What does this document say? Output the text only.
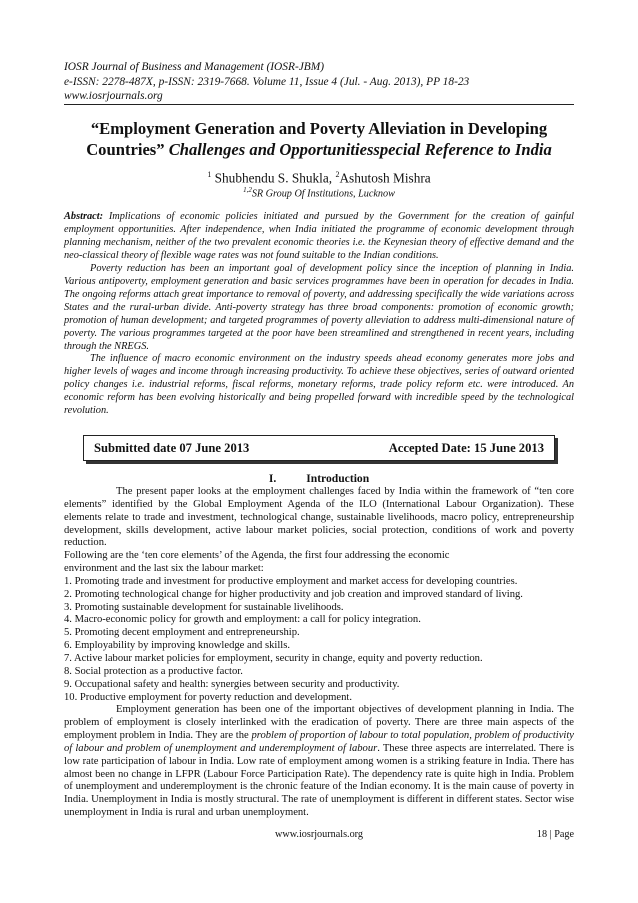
IOSR Journal of Business and Management (IOSR-JBM)
e-ISSN: 2278-487X, p-ISSN: 2319-7668. Volume 11, Issue 4 (Jul. - Aug. 2013), PP 18-23
www.iosrjournals.org
“Employment Generation and Poverty Alleviation in Developing Countries” Challenges and Opportunitiesspecial Reference to India
$^1$ Shubhendu S. Shukla, $^2$Ashutosh Mishra
$^{1,2}$SR Group Of Institutions, Lucknow

Abstract: Implications of economic policies initiated and pursued by the Government for the creation of gainful employment opportunities. After independence, when India initiated the programme of economic development through planning mechanism, neither of the two prevalent economic theories i.e. the Keynesian theory of effective demand and the neo-classical theory of flexible wage rates was not found suitable to the Indian conditions.

Poverty reduction has been an important goal of development policy since the inception of planning in India. Various antipoverty, employment generation and basic services programmes have been in operation for decades in India. The ongoing reforms attach great importance to removal of poverty, and addressing specifically the wide variations across States and the rural-urban divide. Anti-poverty strategy has three broad components: promotion of economic growth; promotion of human development; and targeted programmes of poverty alleviation to address multi-dimensional nature of poverty. The various programmes targeted at the poor have been streamlined and strengthened in recent years, including through the NREGS.

The influence of macro economic environment on the industry speeds ahead economy generates more jobs and higher levels of wages and income through increasing productivity. To achieve these objectives, series of outward oriented policy changes i.e. industrial reforms, fiscal reforms, monetary reforms, trade policy reform etc. were introduced. An economic reform has been evolving historically and being propelled forward with incredible speed by the technological revolution.

Submitted date 07 June 2013	Accepted Date: 15 June 2013
I.	Introduction

The present paper looks at the employment challenges faced by India within the framework of “ten core elements” identified by the Global Employment Agenda of the ILO (International Labour Organization). These elements relate to trade and investment, technological change, sustainable livelihoods, macro policy, entrepreneurship development, skills development, active labour market policies, social protection, conditions of work and poverty reduction.

Following are the ‘ten core elements’ of the Agenda, the first four addressing the economic

environment and the last six the labour market:

1. Promoting trade and investment for productive employment and market access for developing countries.

2. Promoting technological change for higher productivity and job creation and improved standard of living.

3. Promoting sustainable development for sustainable livelihoods.

4. Macro-economic policy for growth and employment: a call for policy integration.

5. Promoting decent employment and entrepreneurship.

6. Employability by improving knowledge and skills.

7. Active labour market policies for employment, security in change, equity and poverty reduction.

8. Social protection as a productive factor.

9. Occupational safety and health: synergies between security and productivity.

10. Productive employment for poverty reduction and development.

Employment generation has been one of the important objectives of development planning in India. The problem of employment is closely interlinked with the eradication of poverty. There are three main aspects of the employment problem in India. They are the problem of proportion of labour to total population, problem of productivity of labour and problem of unemployment and underemployment of labour. These three aspects are interrelated. There is low rate participation of labour in India. Low rate of employment among women is a striking feature in India. There has almost been no change in LFPR (Labour Force Participation Rate). The dependency rate is quite high in India. Problem of unemployment and underemployment is the chronic feature of the Indian economy. It is the main cause of poverty in India. Unemployment in India is mostly structural. The rate of unemployment is different in different states. Sector wise unemployment in India is rural and urban unemployment.

www.iosrjournals.org	18 | Page
